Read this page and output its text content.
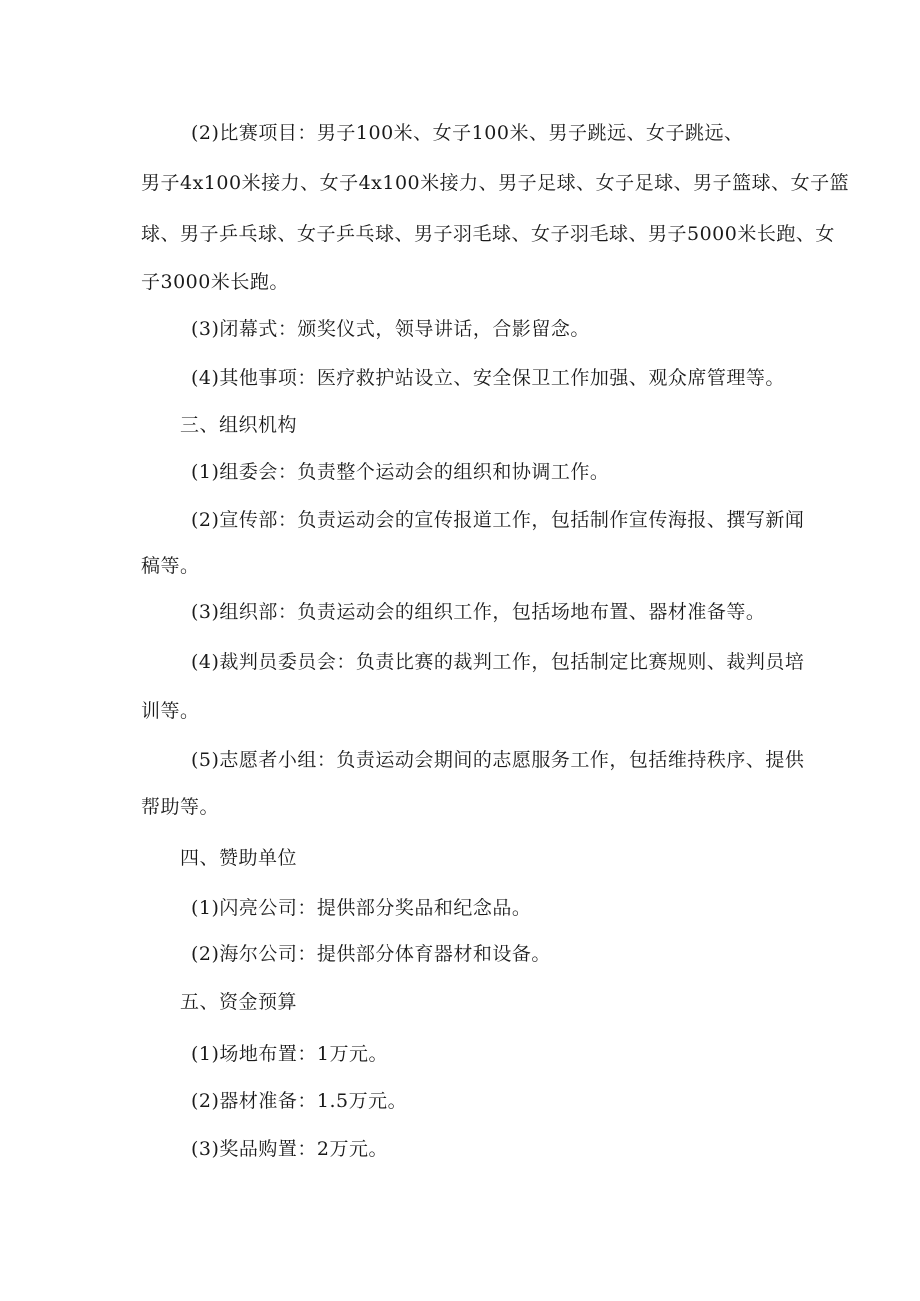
(2)比赛项目：男子100米、女子100米、男子跳远、女子跳远、
男子4x100米接力、女子4x100米接力、男子足球、女子足球、男子篮球、女子篮
球、男子乒乓球、女子乒乓球、男子羽毛球、女子羽毛球、男子5000米长跑、女
子3000米长跑。
(3)闭幕式：颁奖仪式，领导讲话，合影留念。
(4)其他事项：医疗救护站设立、安全保卫工作加强、观众席管理等。
三、组织机构
(1)组委会：负责整个运动会的组织和协调工作。
(2)宣传部：负责运动会的宣传报道工作，包括制作宣传海报、撰写新闻
稿等。
(3)组织部：负责运动会的组织工作，包括场地布置、器材准备等。
(4)裁判员委员会：负责比赛的裁判工作，包括制定比赛规则、裁判员培
训等。
(5)志愿者小组：负责运动会期间的志愿服务工作，包括维持秩序、提供
帮助等。
四、赞助单位
(1)闪亮公司：提供部分奖品和纪念品。
(2)海尔公司：提供部分体育器材和设备。
五、资金预算
(1)场地布置：1万元。
(2)器材准备：1.5万元。
(3)奖品购置：2万元。
